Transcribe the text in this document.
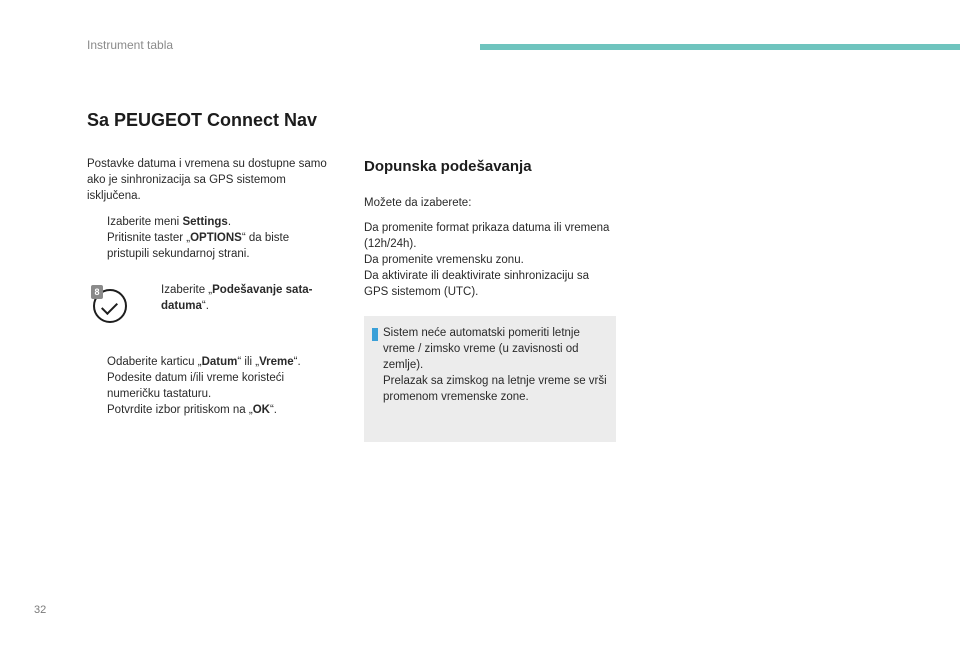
Instrument tabla
Sa PEUGEOT Connect Nav

Postavke datuma i vremena su dostupne samo ako je sinhronizacija sa GPS sistemom isključena.

Izaberite meni Settings.

Pritisnite taster „OPTIONS“ da biste pristupili sekundarnoj strani.

8	Izaberite „Podešavanje sata-datuma“.

Odaberite karticu „Datum“ ili „Vreme“.

Podesite datum i/ili vreme koristeći numeričku tastaturu.

Potvrdite izbor pritiskom na „OK“.

Dopunska podešavanja

Možete da izaberete:

Da promenite format prikaza datuma ili vremena (12h/24h).

Da promenite vremensku zonu.

Da aktivirate ili deaktivirate sinhronizaciju sa GPS sistemom (UTC).

Sistem neće automatski pomeriti letnje vreme / zimsko vreme (u zavisnosti od zemlje).

Prelazak sa zimskog na letnje vreme se vrši promenom vremenske zone.

32
